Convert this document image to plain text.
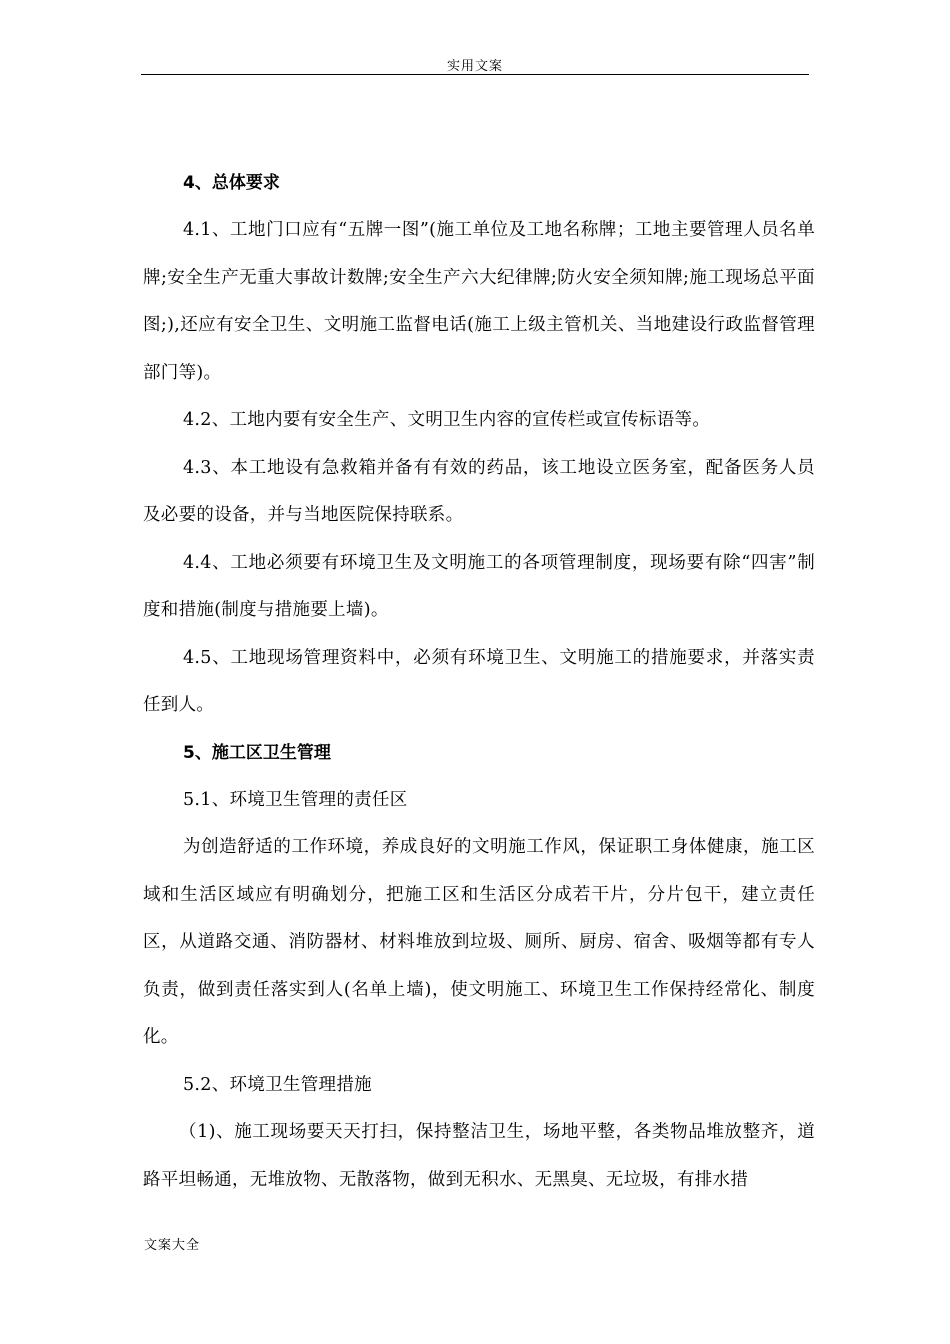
实用文案
4、总体要求

4.1、工地门口应有“五牌一图”(施工单位及工地名称牌；工地主要管理人员名单牌;安全生产无重大事故计数牌;安全生产六大纪律牌;防火安全须知牌;施工现场总平面图;),还应有安全卫生、文明施工监督电话(施工上级主管机关、当地建设行政监督管理部门等)。

4.2、工地内要有安全生产、文明卫生内容的宣传栏或宣传标语等。

4.3、本工地设有急救箱并备有有效的药品，该工地设立医务室，配备医务人员及必要的设备，并与当地医院保持联系。

4.4、工地必须要有环境卫生及文明施工的各项管理制度，现场要有除“四害”制度和措施(制度与措施要上墙)。

4.5、工地现场管理资料中，必须有环境卫生、文明施工的措施要求，并落实责任到人。

5、施工区卫生管理

5.1、环境卫生管理的责任区

为创造舒适的工作环境，养成良好的文明施工作风，保证职工身体健康，施工区域和生活区域应有明确划分，把施工区和生活区分成若干片，分片包干，建立责任区，从道路交通、消防器材、材料堆放到垃圾、厕所、厨房、宿舍、吸烟等都有专人负责，做到责任落实到人(名单上墙)，使文明施工、环境卫生工作保持经常化、制度化。

5.2、环境卫生管理措施

（1)、施工现场要天天打扫，保持整洁卫生，场地平整，各类物品堆放整齐，道路平坦畅通，无堆放物、无散落物，做到无积水、无黑臭、无垃圾，有排水措

文案大全
